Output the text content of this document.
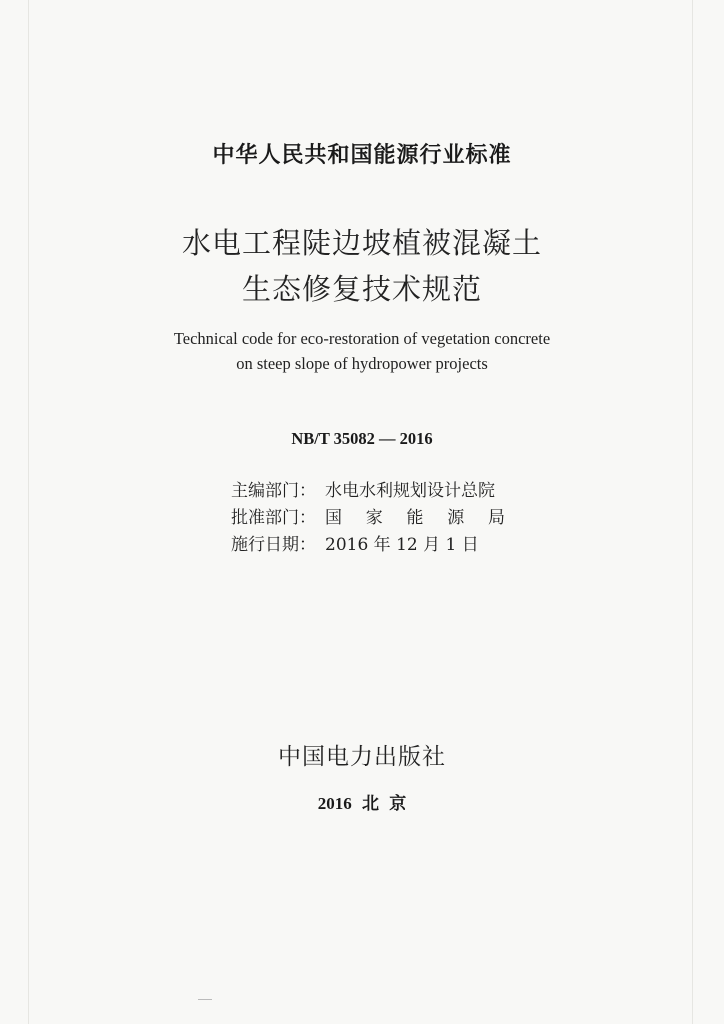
中华人民共和国能源行业标准
水电工程陡边坡植被混凝土
生态修复技术规范
Technical code for eco-restoration of vegetation concrete
on steep slope of hydropower projects
NB/T 35082 — 2016
主编部门： 水电水利规划设计总院
批准部门： 国 家 能 源 局
施行日期： 2016 年 12 月 1 日
中国电力出版社
2016 北 京
